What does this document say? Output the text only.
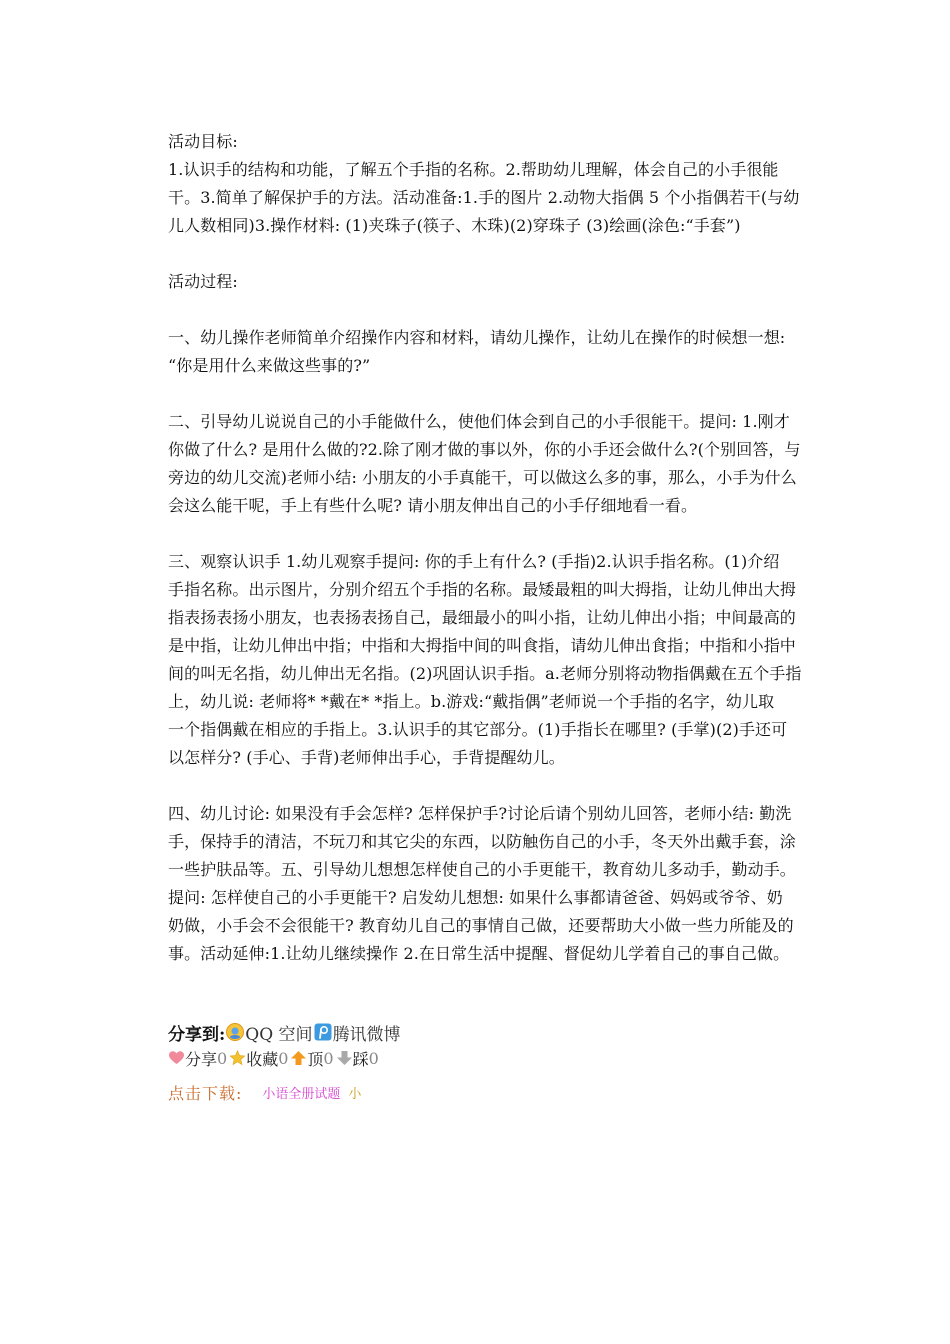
活动目标:
1.认识手的结构和功能，了解五个手指的名称。2.帮助幼儿理解，体会自己的小手很能
干。3.简单了解保护手的方法。活动准备:1.手的图片 2.动物大指偶 5 个小指偶若干(与幼
儿人数相同)3.操作材料: (1)夹珠子(筷子、木珠)(2)穿珠子 (3)绘画(涂色:“手套”)
活动过程:
一、幼儿操作老师简单介绍操作内容和材料，请幼儿操作，让幼儿在操作的时候想一想:
“你是用什么来做这些事的?”
二、引导幼儿说说自己的小手能做什么，使他们体会到自己的小手很能干。提问: 1.刚才
你做了什么? 是用什么做的?2.除了刚才做的事以外，你的小手还会做什么?(个别回答，与
旁边的幼儿交流)老师小结: 小朋友的小手真能干，可以做这么多的事，那么，小手为什么
会这么能干呢，手上有些什么呢? 请小朋友伸出自己的小手仔细地看一看。
三、观察认识手 1.幼儿观察手提问: 你的手上有什么? (手指)2.认识手指名称。(1)介绍
手指名称。出示图片，分别介绍五个手指的名称。最矮最粗的叫大拇指，让幼儿伸出大拇
指表扬表扬小朋友，也表扬表扬自己，最细最小的叫小指，让幼儿伸出小指；中间最高的
是中指，让幼儿伸出中指；中指和大拇指中间的叫食指，请幼儿伸出食指；中指和小指中
间的叫无名指，幼儿伸出无名指。(2)巩固认识手指。a.老师分别将动物指偶戴在五个手指
上，幼儿说: 老师将* *戴在* *指上。b.游戏:“戴指偶”老师说一个手指的名字，幼儿取
一个指偶戴在相应的手指上。3.认识手的其它部分。(1)手指长在哪里? (手掌)(2)手还可
以怎样分? (手心、手背)老师伸出手心，手背提醒幼儿。
四、幼儿讨论: 如果没有手会怎样? 怎样保护手?讨论后请个别幼儿回答，老师小结: 勤洗
手，保持手的清洁，不玩刀和其它尖的东西，以防触伤自己的小手，冬天外出戴手套，涂
一些护肤品等。五、引导幼儿想想怎样使自己的小手更能干，教育幼儿多动手，勤动手。
提问: 怎样使自己的小手更能干? 启发幼儿想想: 如果什么事都请爸爸、妈妈或爷爷、奶
奶做，小手会不会很能干? 教育幼儿自己的事情自己做，还要帮助大小做一些力所能及的
事。活动延伸:1.让幼儿继续操作 2.在日常生活中提醒、督促幼儿学着自己的事自己做。
分享到: QQ 空间 腾讯微博
分享 0 收藏 0 顶 0 踩 0
点击下载: 小语全册试题 小
